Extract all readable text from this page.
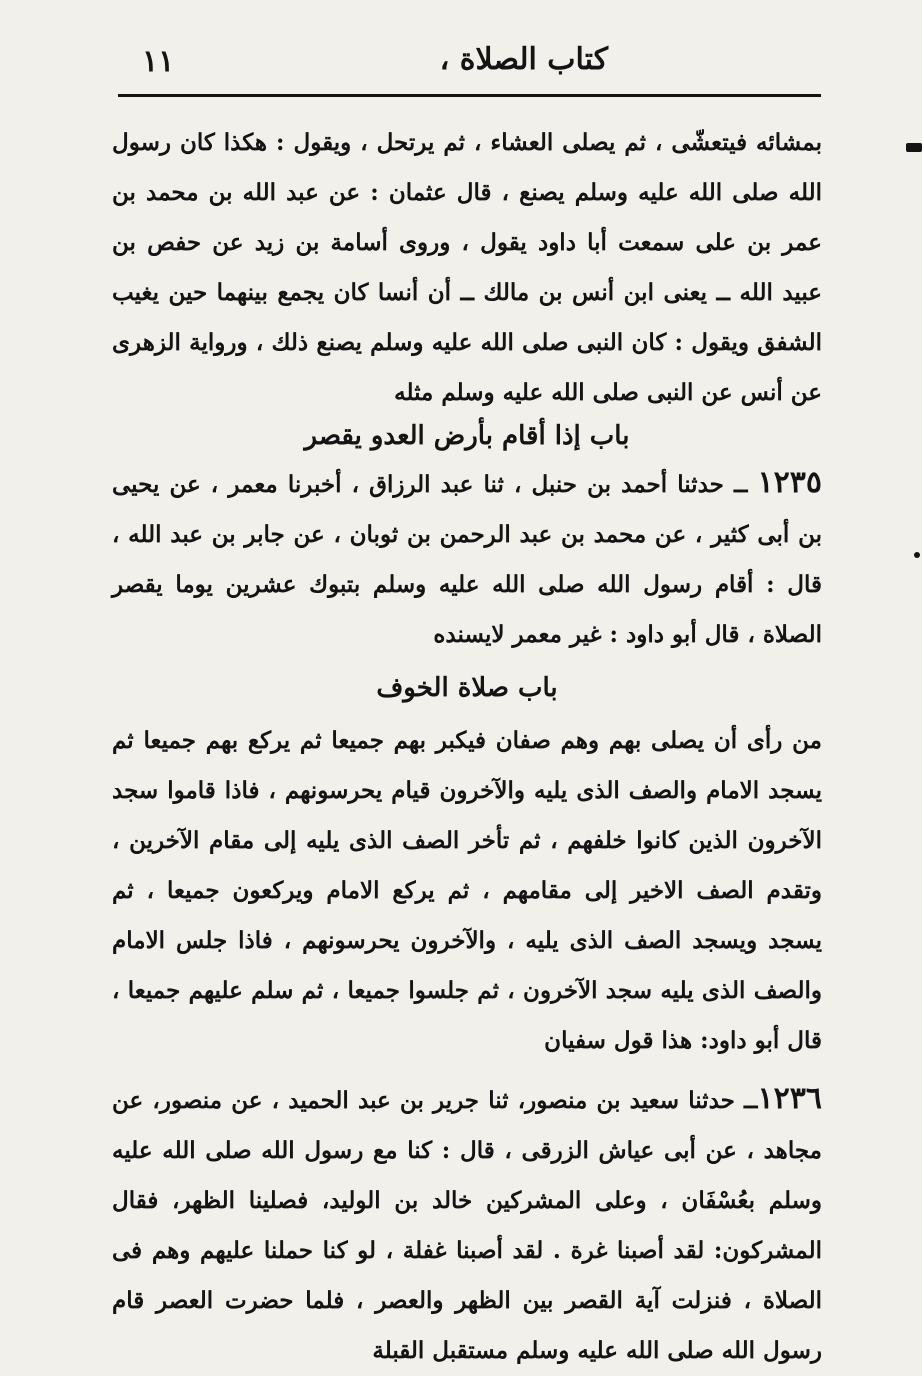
كتاب الصلاة ،
١١

بمشائه فيتعشّى ، ثم يصلى العشاء ، ثم يرتحل ، ويقول : هكذا كان رسول الله صلى الله عليه وسلم يصنع ، قال عثمان : عن عبد الله بن محمد بن عمر بن على سمعت أبا داود يقول ، وروى أسامة بن زيد عن حفص بن عبيد الله ــ يعنى ابن أنس بن مالك ــ أن أنسا كان يجمع بينهما حين يغيب الشفق ويقول : كان النبى صلى الله عليه وسلم يصنع ذلك ، ورواية الزهرى عن أنس عن النبى صلى الله عليه وسلم مثله

باب إذا أقام بأرض العدو يقصر

١٢٣٥ ــ حدثنا أحمد بن حنبل ، ثنا عبد الرزاق ، أخبرنا معمر ، عن يحيى بن أبى كثير ، عن محمد بن عبد الرحمن بن ثوبان ، عن جابر بن عبد الله ، قال : أقام رسول الله صلى الله عليه وسلم بتبوك عشرين يوما يقصر الصلاة ، قال أبو داود : غير معمر لايسنده

باب صلاة الخوف

من رأى أن يصلى بهم وهم صفان فيكبر بهم جميعا ثم يركع بهم جميعا ثم يسجد الامام والصف الذى يليه والآخرون قيام يحرسونهم ، فاذا قاموا سجد الآخرون الذين كانوا خلفهم ، ثم تأخر الصف الذى يليه إلى مقام الآخرين ، وتقدم الصف الاخير إلى مقامهم ، ثم يركع الامام ويركعون جميعا ، ثم يسجد ويسجد الصف الذى يليه ، والآخرون يحرسونهم ، فاذا جلس الامام والصف الذى يليه سجد الآخرون ، ثم جلسوا جميعا ، ثم سلم عليهم جميعا ، قال أبو داود: هذا قول سفيان

١٢٣٦ــ حدثنا سعيد بن منصور، ثنا جرير بن عبد الحميد ، عن منصور، عن مجاهد ، عن أبى عياش الزرقى ، قال : كنا مع رسول الله صلى الله عليه وسلم بعُسْفَان ، وعلى المشركين خالد بن الوليد، فصلينا الظهر، فقال المشركون: لقد أصبنا غرة . لقد أصبنا غفلة ، لو كنا حملنا عليهم وهم فى الصلاة ، فنزلت آية القصر بين الظهر والعصر ، فلما حضرت العصر قام رسول الله صلى الله عليه وسلم مستقبل القبلة
